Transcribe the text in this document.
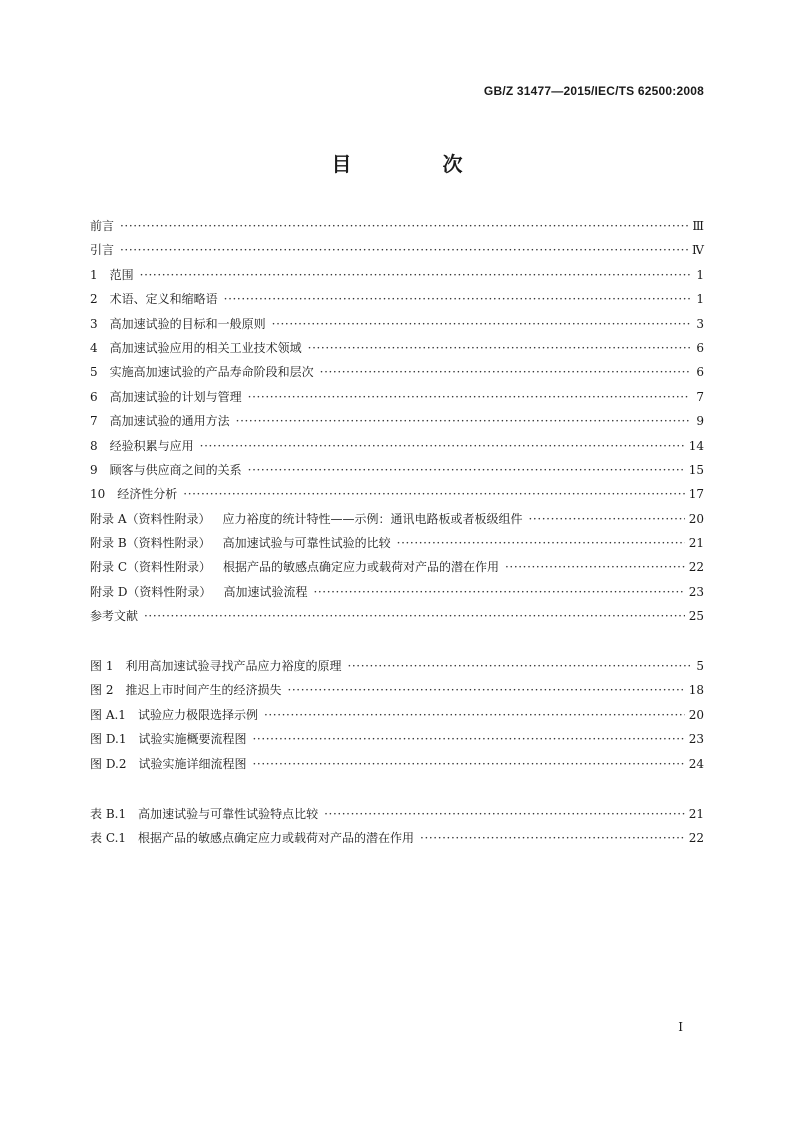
GB/Z 31477—2015/IEC/TS 62500:2008
目 次
前言 ·····	Ⅲ
引言 ·····	Ⅳ
1 范围 ·····	1
2 术语、定义和缩略语 ·····	1
3 高加速试验的目标和一般原则 ·····	3
4 高加速试验应用的相关工业技术领域 ·····	6
5 实施高加速试验的产品寿命阶段和层次 ·····	6
6 高加速试验的计划与管理 ·····	7
7 高加速试验的通用方法 ·····	9
8 经验积累与应用 ·····	14
9 顾客与供应商之间的关系 ·····	15
10 经济性分析 ·····	17
附录 A（资料性附录） 应力裕度的统计特性——示例：通讯电路板或者板级组件 ·····	20
附录 B（资料性附录） 高加速试验与可靠性试验的比较 ·····	21
附录 C（资料性附录） 根据产品的敏感点确定应力或载荷对产品的潜在作用 ·····	22
附录 D（资料性附录） 高加速试验流程 ·····	23
参考文献 ·····	25
图 1 利用高加速试验寻找产品应力裕度的原理 ·····	5
图 2 推迟上市时间产生的经济损失 ·····	18
图 A.1 试验应力极限选择示例 ·····	20
图 D.1 试验实施概要流程图 ·····	23
图 D.2 试验实施详细流程图 ·····	24
表 B.1 高加速试验与可靠性试验特点比较 ·····	21
表 C.1 根据产品的敏感点确定应力或载荷对产品的潜在作用 ·····	22
Ⅰ
